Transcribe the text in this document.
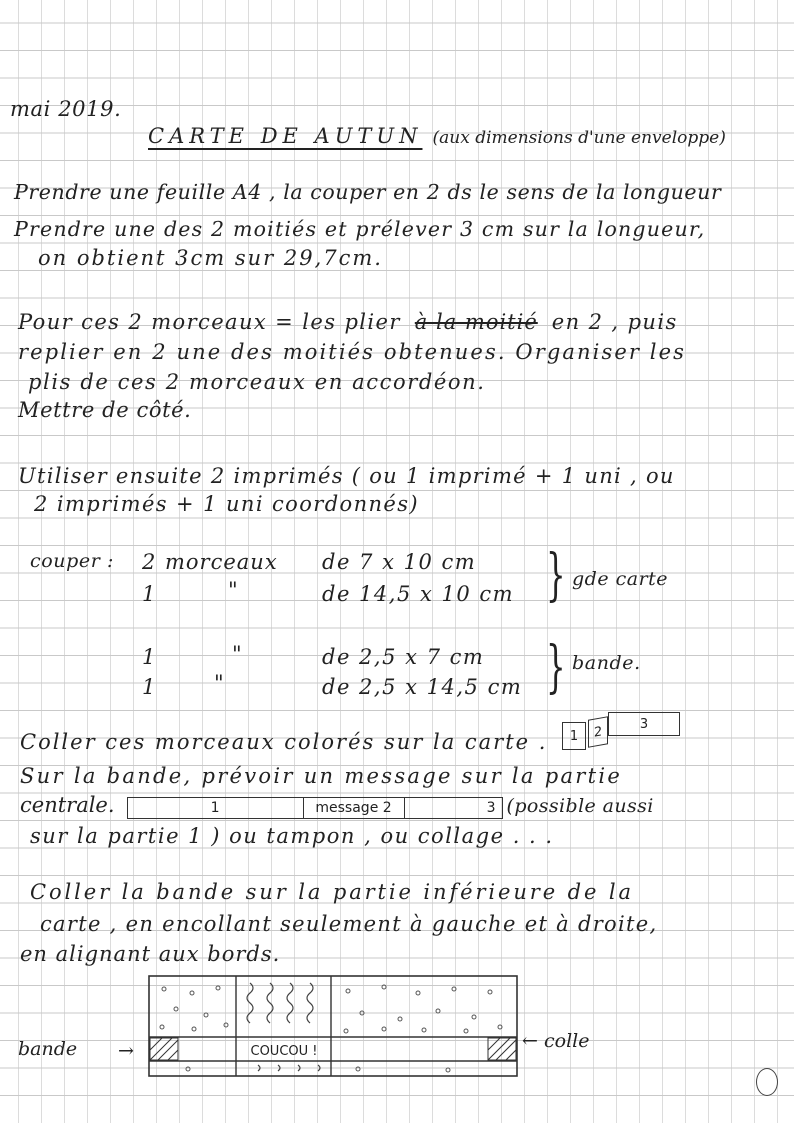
mai 2019.
CARTE DE AUTUN (aux dimensions d'une enveloppe)
Prendre une feuille A4 , la couper en 2 ds le sens de la longueur
Prendre une des 2 moitiés et prélever 3 cm sur la longueur,
on obtient 3cm sur 29,7cm.
Pour ces 2 morceaux = les plier à la moitié en 2 , puis
replier en 2 une des moitiés obtenues. Organiser les
plis de ces 2 morceaux en accordéon.
Mettre de côté.
Utiliser ensuite 2 imprimés ( ou 1 imprimé + 1 uni , ou
2 imprimés + 1 uni coordonnés)
couper : 2 morceaux de 7 x 10 cm
1	"	de 14,5 x 10 cm } gde carte
1	"	de 2,5 x 7 cm
1	"	de 2,5 x 14,5 cm } bande.
Coller ces morceaux colorés sur la carte .	1	2	3
Sur la bande, prévoir un message sur la partie
centrale.	1	message 2	3 (possible aussi
sur la partie 1 ) ou tampon , ou collage . . .
Coller la bande sur la partie inférieure de la
carte , en encollant seulement à gauche et à droite,
en alignant aux bords.
COUCOU !
bande →	← colle
